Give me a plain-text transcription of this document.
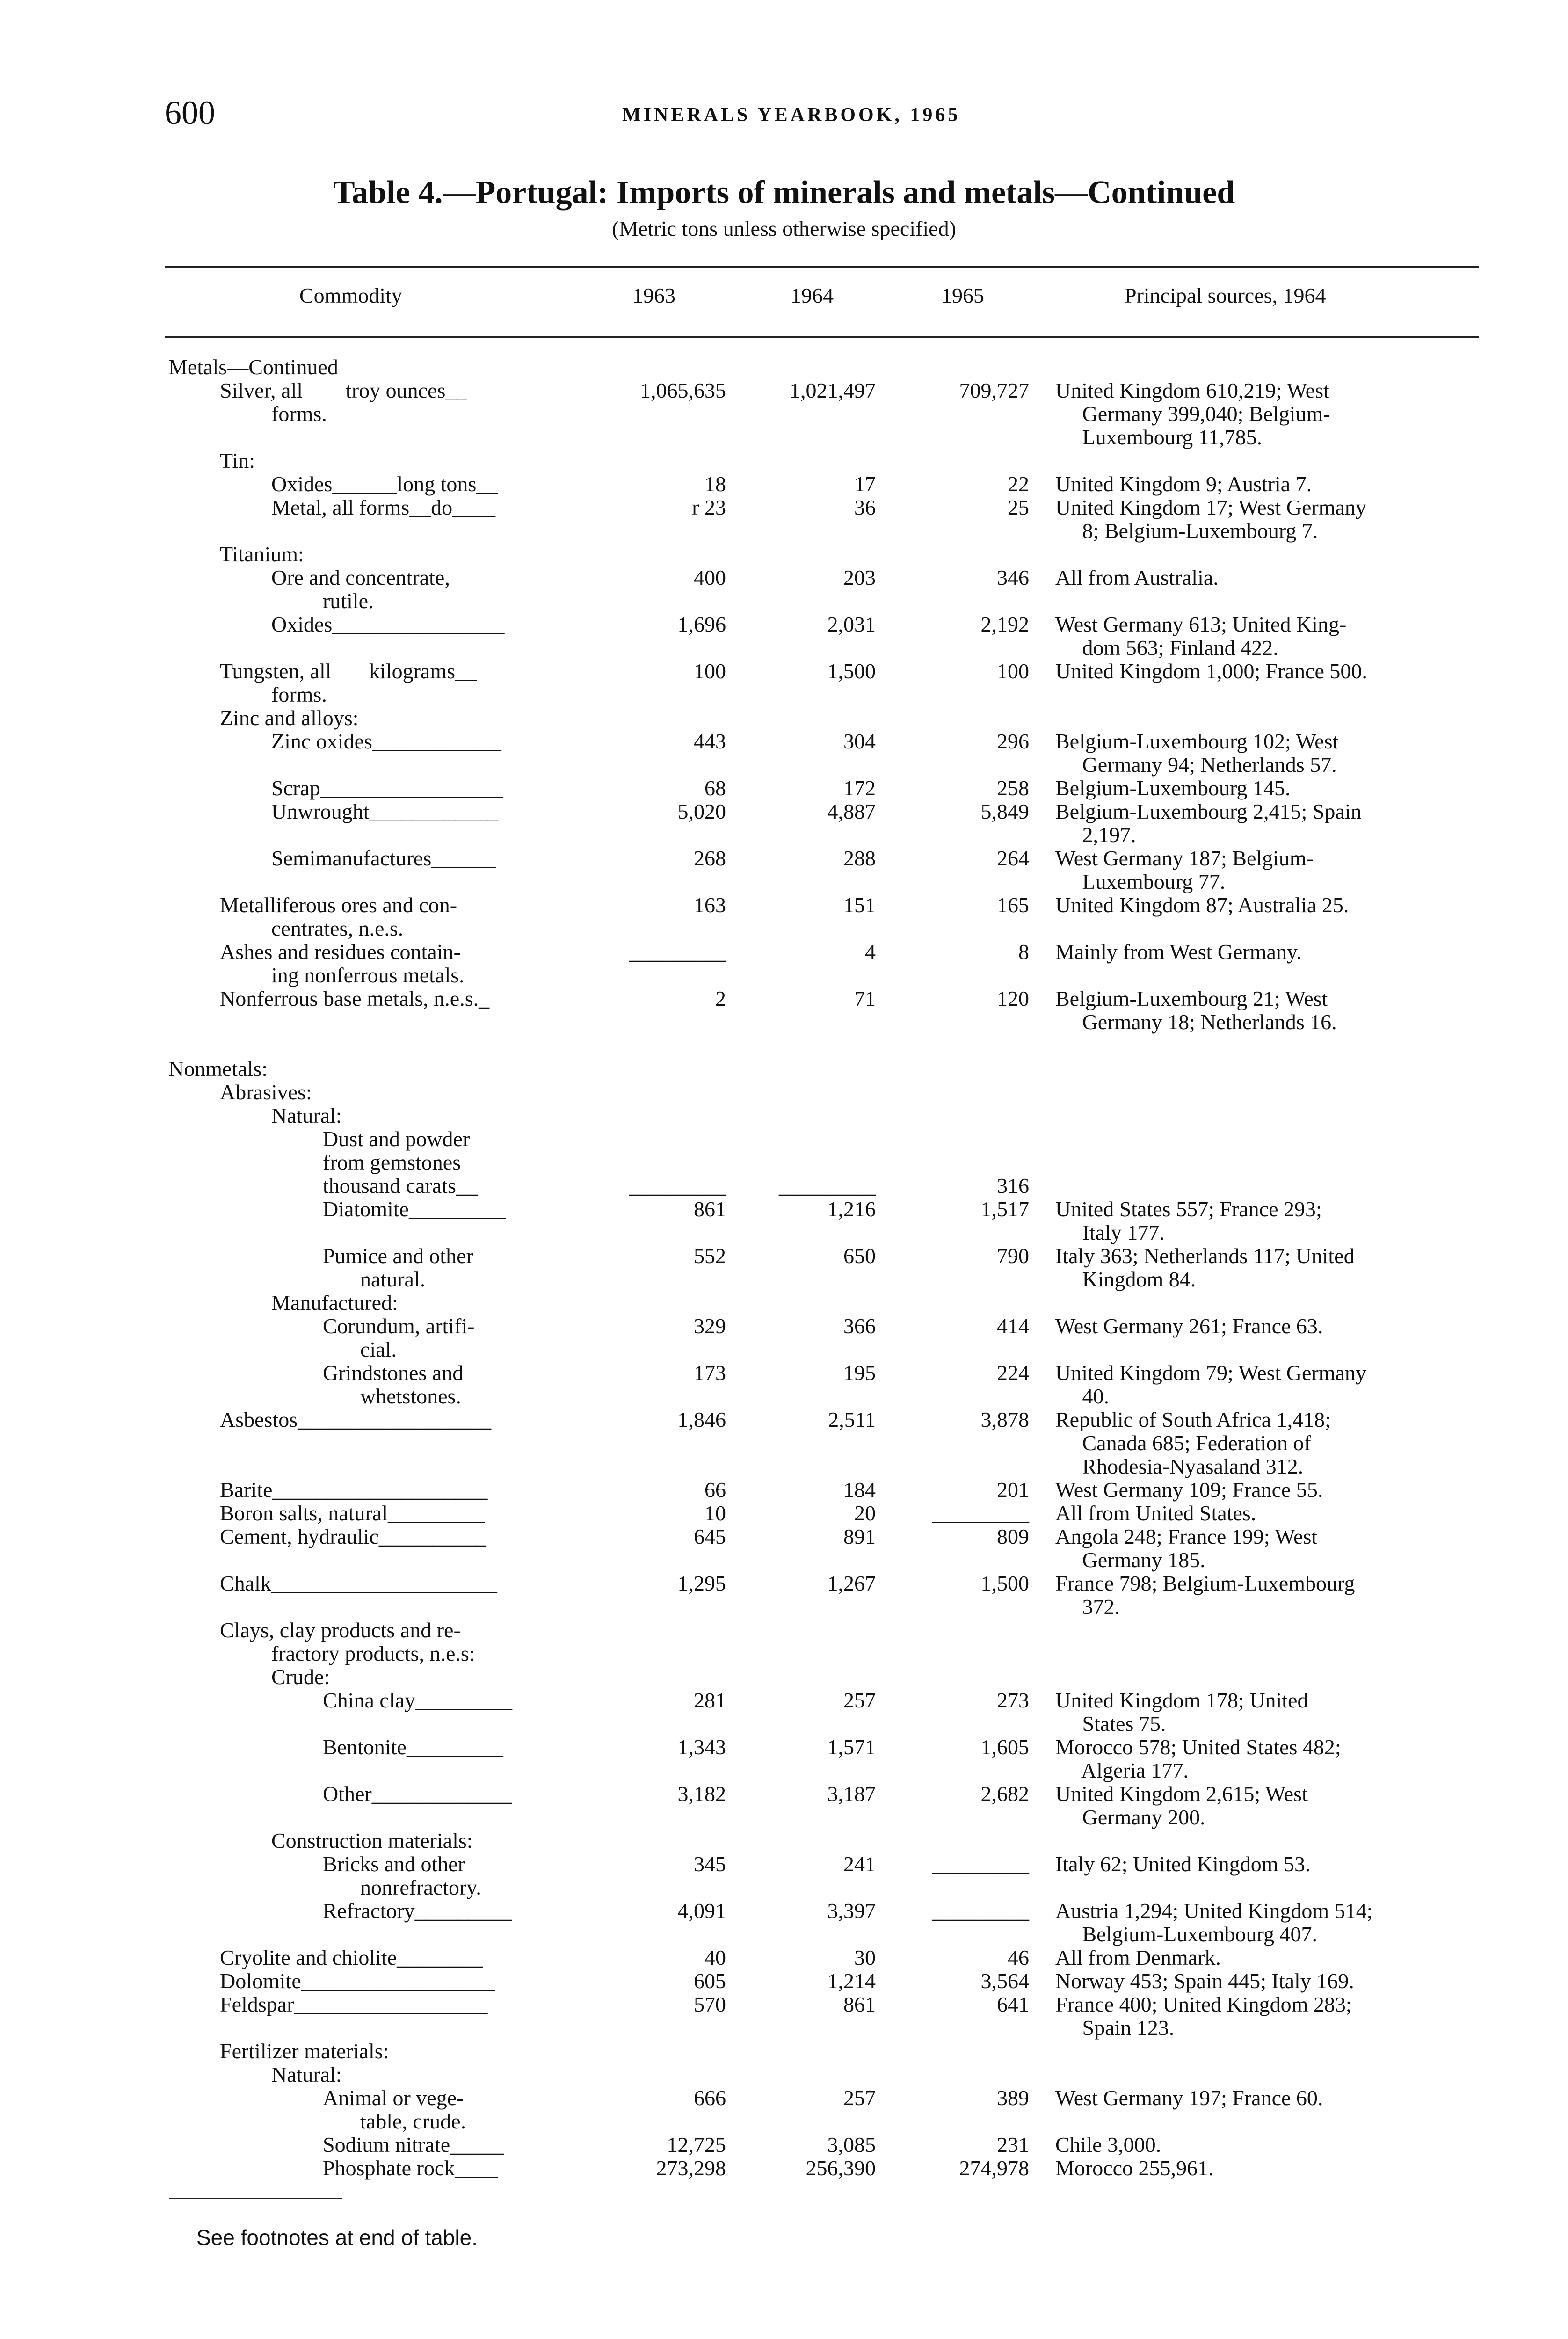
600	MINERALS YEARBOOK, 1965
Table 4.—Portugal: Imports of minerals and metals—Continued
(Metric tons unless otherwise specified)
Commodity	1963	1964	1965	Principal sources, 1964
Metals—Continued
Silver, all        troy ounces__	1,065,635	1,021,497	709,727 United Kingdom 610,219; West
forms.	Germany 399,040; Belgium-
Luxembourg 11,785.
Tin:
Oxides______long tons__	18	17	22 United Kingdom 9; Austria 7.
Metal, all forms__do____	r 23	36	25 United Kingdom 17; West Germany
8; Belgium-Luxembourg 7.
Titanium:
Ore and concentrate,	400	203	346 All from Australia.
rutile.
Oxides________________	1,696	2,031	2,192 West Germany 613; United King-
dom 563; Finland 422.
Tungsten, all       kilograms__	100	1,500	100 United Kingdom 1,000; France 500.
forms.
Zinc and alloys:
Zinc oxides____________	443	304	296 Belgium-Luxembourg 102; West
Germany 94; Netherlands 57.
Scrap_________________	68	172	258 Belgium-Luxembourg 145.
Unwrought____________	5,020	4,887	5,849 Belgium-Luxembourg 2,415; Spain
2,197.
Semimanufactures______	268	288	264 West Germany 187; Belgium-
Luxembourg 77.
Metalliferous ores and con-	163	151	165 United Kingdom 87; Australia 25.
centrates, n.e.s.
Ashes and residues contain-	_________	4	8 Mainly from West Germany.
ing nonferrous metals.
Nonferrous base metals, n.e.s._	2	71	120 Belgium-Luxembourg 21; West
Germany 18; Netherlands 16.
Nonmetals:
Abrasives:
Natural:
Dust and powder
from gemstones
thousand carats__	_________ _________	316
Diatomite_________	861	1,216	1,517 United States 557; France 293;
Italy 177.
Pumice and other	552	650	790 Italy 363; Netherlands 117; United
natural.	Kingdom 84.
Manufactured:
Corundum, artifi-	329	366	414 West Germany 261; France 63.
cial.
Grindstones and	173	195	224 United Kingdom 79; West Germany
whetstones.	40.
Asbestos__________________	1,846	2,511	3,878 Republic of South Africa 1,418;
Canada 685; Federation of
Rhodesia-Nyasaland 312.
Barite____________________	66	184	201 West Germany 109; France 55.
Boron salts, natural_________	10	20	_________ All from United States.
Cement, hydraulic__________	645	891	809 Angola 248; France 199; West
Germany 185.
Chalk_____________________	1,295	1,267	1,500 France 798; Belgium-Luxembourg
372.
Clays, clay products and re-
fractory products, n.e.s:
Crude:
China clay_________	281	257	273 United Kingdom 178; United
States 75.
Bentonite_________	1,343	1,571	1,605 Morocco 578; United States 482;
Algeria 177.
Other_____________	3,182	3,187	2,682 United Kingdom 2,615; West
Germany 200.
Construction materials:
Bricks and other	345	241	_________ Italy 62; United Kingdom 53.
nonrefractory.
Refractory_________	4,091	3,397	_________ Austria 1,294; United Kingdom 514;
Belgium-Luxembourg 407.
Cryolite and chiolite________	40	30	46 All from Denmark.
Dolomite__________________	605	1,214	3,564 Norway 453; Spain 445; Italy 169.
Feldspar__________________	570	861	641 France 400; United Kingdom 283;
Spain 123.
Fertilizer materials:
Natural:
Animal or vege-	666	257	389 West Germany 197; France 60.
table, crude.
Sodium nitrate_____	12,725	3,085	231 Chile 3,000.
Phosphate rock____	273,298	256,390	274,978 Morocco 255,961.
See footnotes at end of table.
